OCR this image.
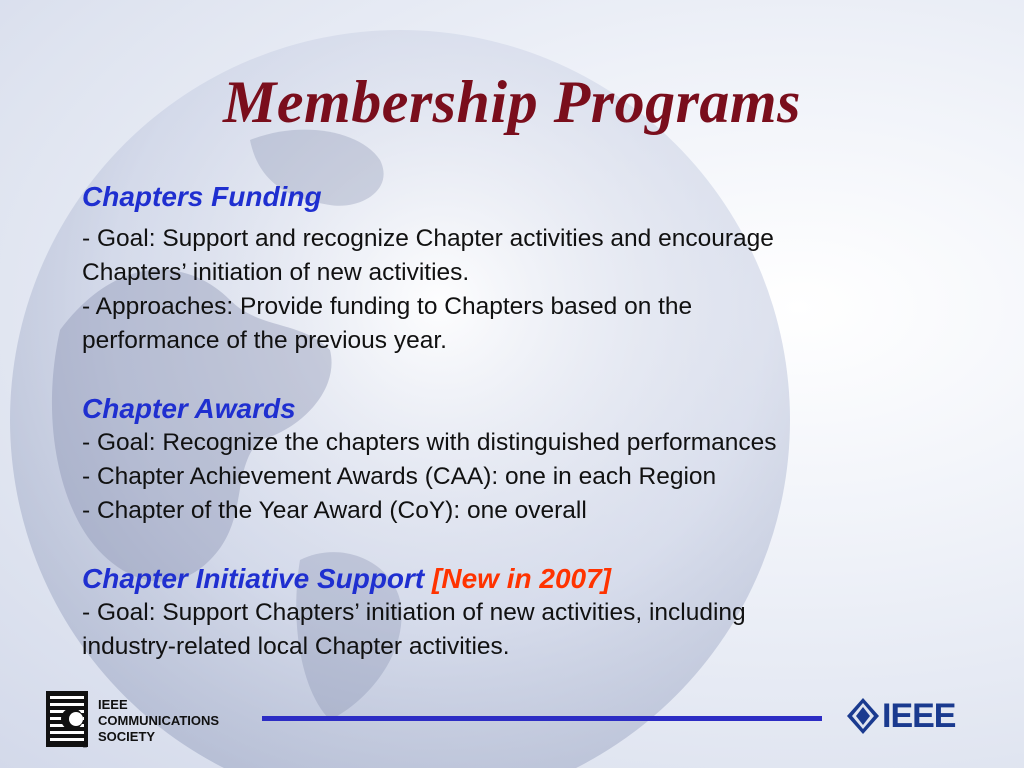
Membership Programs
Chapters Funding
- Goal: Support and recognize Chapter activities and encourage
Chapters’ initiation of new activities.
- Approaches: Provide funding to Chapters based on the
performance of the previous year.
Chapter Awards
- Goal: Recognize the chapters with distinguished performances
- Chapter Achievement Awards (CAA): one in each Region
- Chapter of the Year Award (CoY): one overall
Chapter Initiative Support [New in 2007]
- Goal: Support Chapters’ initiation of new activities, including
industry-related local Chapter activities.
®
IEEE
COMMUNICATIONS
SOCIETY
IEEE
